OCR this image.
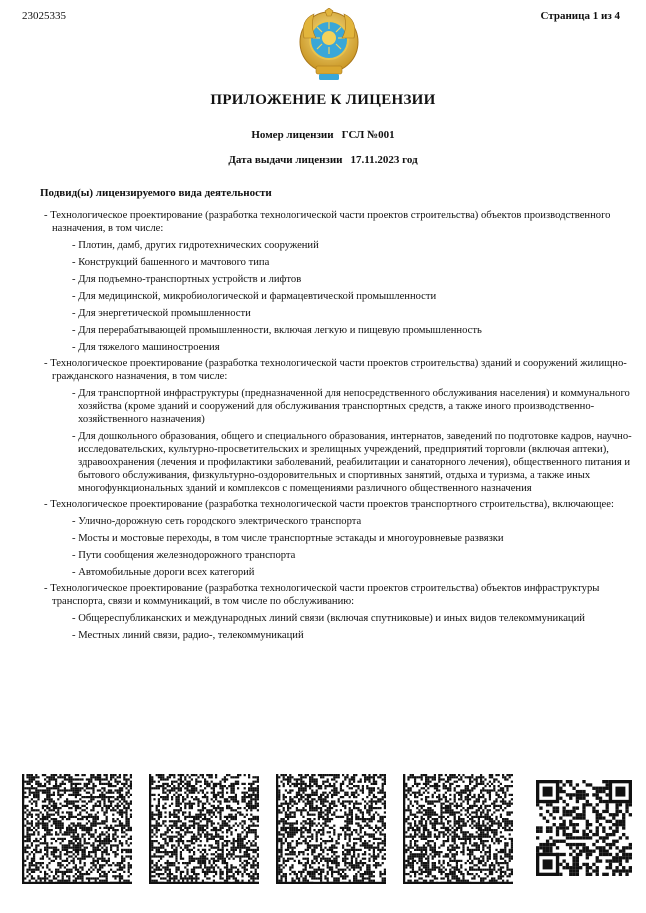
23025335	Страница 1 из 4
ПРИЛОЖЕНИЕ К ЛИЦЕНЗИИ
Номер лицензии ГСЛ №001
Дата выдачи лицензии 17.11.2023 год
Подвид(ы) лицензируемого вида деятельности
- Технологическое проектирование (разработка технологической части проектов строительства) объектов производственного назначения, в том числе:
- Плотин, дамб, других гидротехнических сооружений
- Конструкций башенного и мачтового типа
- Для подъемно-транспортных устройств и лифтов
- Для медицинской, микробиологической и фармацевтической промышленности
- Для энергетической промышленности
- Для перерабатывающей промышленности, включая легкую и пищевую промышленность
- Для тяжелого машиностроения
- Технологическое проектирование (разработка технологической части проектов строительства) зданий и сооружений жилищно-гражданского назначения, в том числе:
- Для транспортной инфраструктуры (предназначенной для непосредственного обслуживания населения) и коммунального хозяйства (кроме зданий и сооружений для обслуживания транспортных средств, а также иного производственно-хозяйственного назначения)
- Для дошкольного образования, общего и специального образования, интернатов, заведений по подготовке кадров, научно-исследовательских, культурно-просветительских и зрелищных учреждений, предприятий торговли (включая аптеки), здравоохранения (лечения и профилактики заболеваний, реабилитации и санаторного лечения), общественного питания и бытового обслуживания, физкультурно-оздоровительных и спортивных занятий, отдыха и туризма, а также иных многофункциональных зданий и комплексов с помещениями различного общественного назначения
- Технологическое проектирование (разработка технологической части проектов транспортного строительства), включающее:
- Улично-дорожную сеть городского электрического транспорта
- Мосты и мостовые переходы, в том числе транспортные эстакады и многоуровневые развязки
- Пути сообщения железнодорожного транспорта
- Автомобильные дороги всех категорий
- Технологическое проектирование (разработка технологической части проектов строительства) объектов инфраструктуры транспорта, связи и коммуникаций, в том числе по обслуживанию:
- Общереспубликанских и международных линий связи (включая спутниковые) и иных видов телекоммуникаций
- Местных линий связи, радио-, телекоммуникаций
